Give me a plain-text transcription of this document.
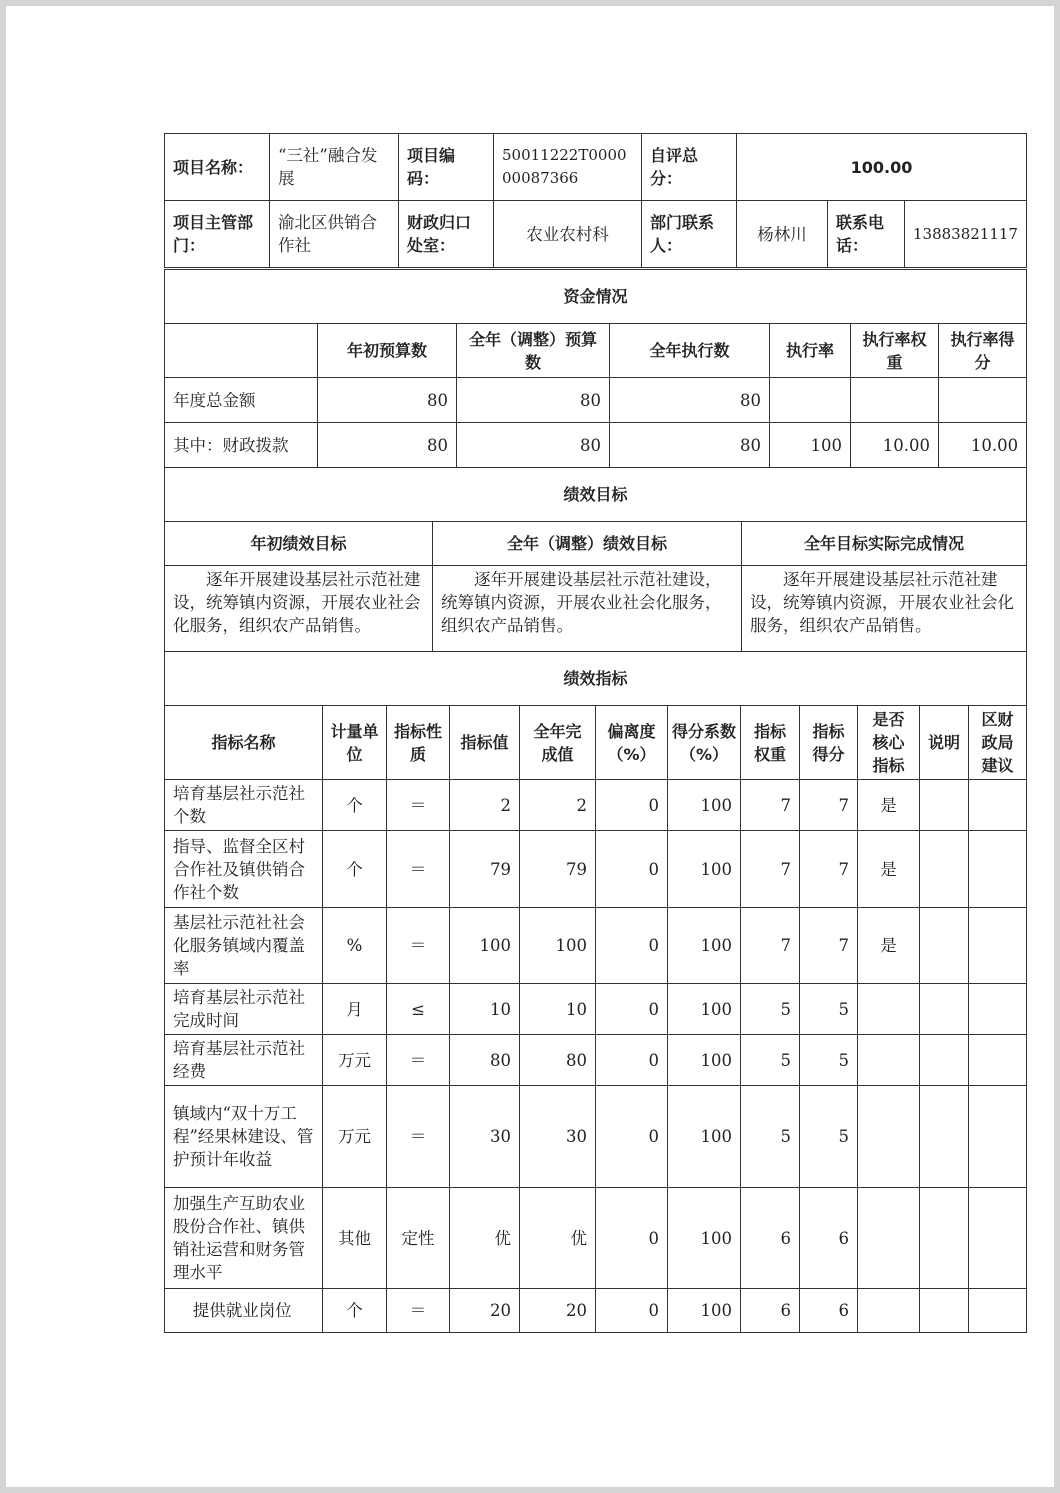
项目名称：	“三社”融合发展	项目编码：	50011222T000000087366	自评总分：	100.00		
项目主管部门：	渝北区供销合作社	财政归口处室：	农业农村科	部门联系人：	杨林川	联系电话：	13883821117
资金情况						
	年初预算数	全年（调整）预算数	全年执行数	执行率	执行率权重	执行率得分
年度总金额	80	80	80			
其中：财政拨款	80	80	80	100	10.00	10.00
绩效目标		
年初绩效目标	全年（调整）绩效目标	全年目标实际完成情况
逐年开展建设基层社示范社建设，统筹镇内资源，开展农业社会化服务，组织农产品销售。	逐年开展建设基层社示范社建设，统筹镇内资源，开展农业社会化服务，组织农产品销售。	逐年开展建设基层社示范社建设，统筹镇内资源，开展农业社会化服务，组织农产品销售。
绩效指标											
指标名称	计量单位	指标性质	指标值	全年完成值	偏离度（%）	得分系数（%）	指标权重	指标得分	是否核心指标	说明	区财政局建议
培育基层社示范社个数	个	＝	2	2	0	100	7	7	是		
指导、监督全区村合作社及镇供销合作社个数	个	＝	79	79	0	100	7	7	是		
基层社示范社社会化服务镇域内覆盖率	%	＝	100	100	0	100	7	7	是		
培育基层社示范社完成时间	月	≤	10	10	0	100	5	5			
培育基层社示范社经费	万元	＝	80	80	0	100	5	5			
镇域内“双十万工程”经果林建设、管护预计年收益	万元	＝	30	30	0	100	5	5			
加强生产互助农业股份合作社、镇供销社运营和财务管理水平	其他	定性	优	优	0	100	6	6			
提供就业岗位	个	＝	20	20	0	100	6	6			
